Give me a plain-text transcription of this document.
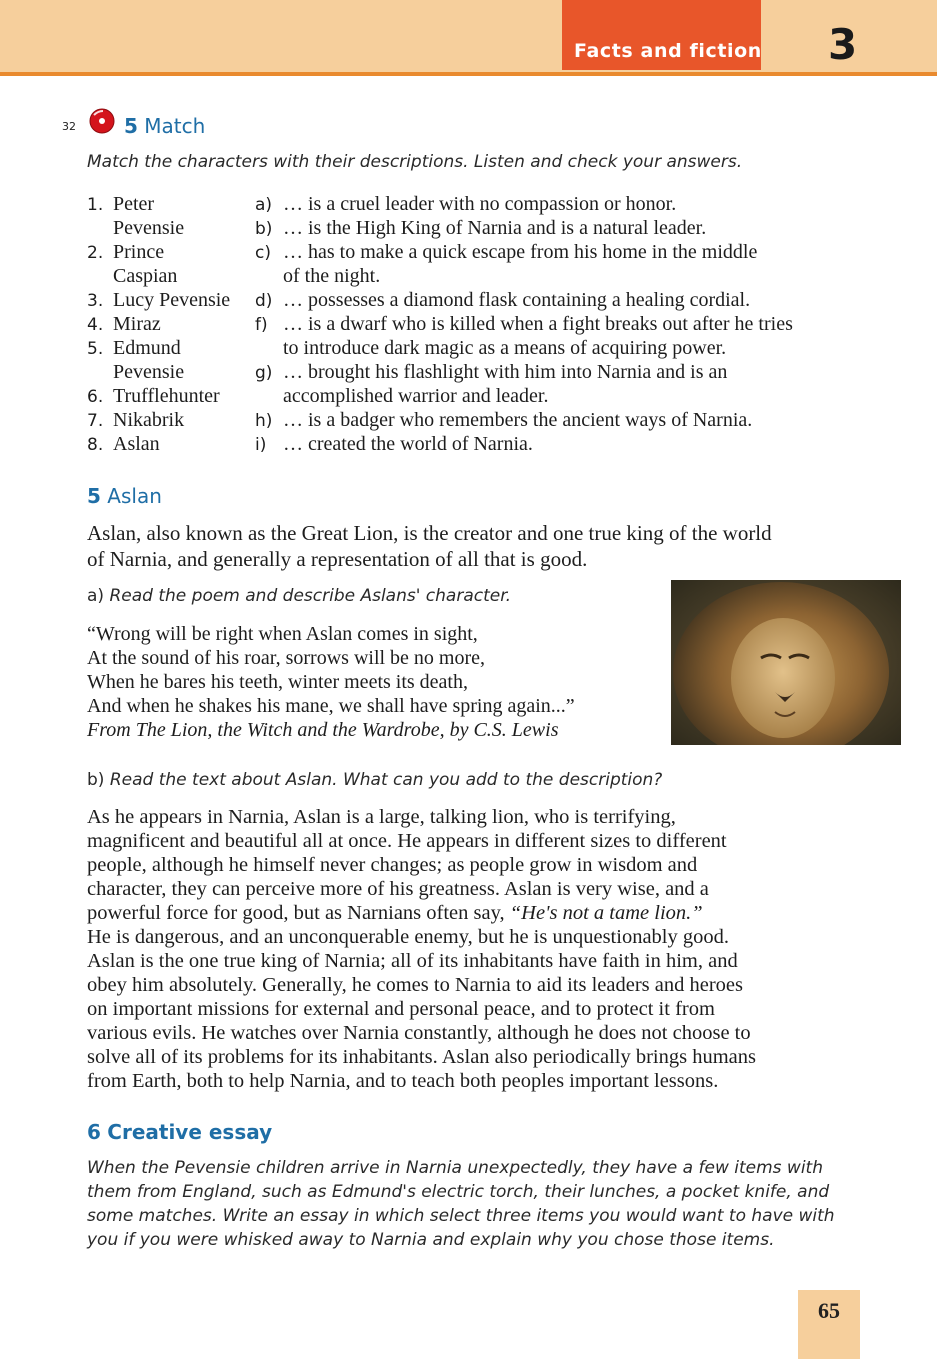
Facts and fiction 3
32 5 Match
Match the characters with their descriptions. Listen and check your answers.
1. Peter
Pevensie
2. Prince
Caspian
3. Lucy Pevensie
4. Miraz
5. Edmund
Pevensie
6. Trufflehunter
7. Nikabrik
8. Aslan
a) … is a cruel leader with no compassion or honor.
b) … is the High King of Narnia and is a natural leader.
c) … has to make a quick escape from his home in the middle
of the night.
d) … possesses a diamond flask containing a healing cordial.
f) … is a dwarf who is killed when a fight breaks out after he tries
to introduce dark magic as a means of acquiring power.
g) … brought his flashlight with him into Narnia and is an
accomplished warrior and leader.
h) … is a badger who remembers the ancient ways of Narnia.
i) … created the world of Narnia.
5 Aslan
Aslan, also known as the Great Lion, is the creator and one true king of the world
of Narnia, and generally a representation of all that is good.
a) Read the poem and describe Aslans' character.
“Wrong will be right when Aslan comes in sight,
At the sound of his roar, sorrows will be no more,
When he bares his teeth, winter meets its death,
And when he shakes his mane, we shall have spring again...”
From The Lion, the Witch and the Wardrobe, by C.S. Lewis
b) Read the text about Aslan. What can you add to the description?
As he appears in Narnia, Aslan is a large, talking lion, who is terrifying,
magnificent and beautiful all at once. He appears in different sizes to different
people, although he himself never changes; as people grow in wisdom and
character, they can perceive more of his greatness. Aslan is very wise, and a
powerful force for good, but as Narnians often say, “He's not a tame lion.”
He is dangerous, and an unconquerable enemy, but he is unquestionably good.
Aslan is the one true king of Narnia; all of its inhabitants have faith in him, and
obey him absolutely. Generally, he comes to Narnia to aid its leaders and heroes
on important missions for external and personal peace, and to protect it from
various evils. He watches over Narnia constantly, although he does not choose to
solve all of its problems for its inhabitants. Aslan also periodically brings humans
from Earth, both to help Narnia, and to teach both peoples important lessons.
6 Creative essay
When the Pevensie children arrive in Narnia unexpectedly, they have a few items with
them from England, such as Edmund's electric torch, their lunches, a pocket knife, and
some matches. Write an essay in which select three items you would want to have with
you if you were whisked away to Narnia and explain why you chose those items.
65
